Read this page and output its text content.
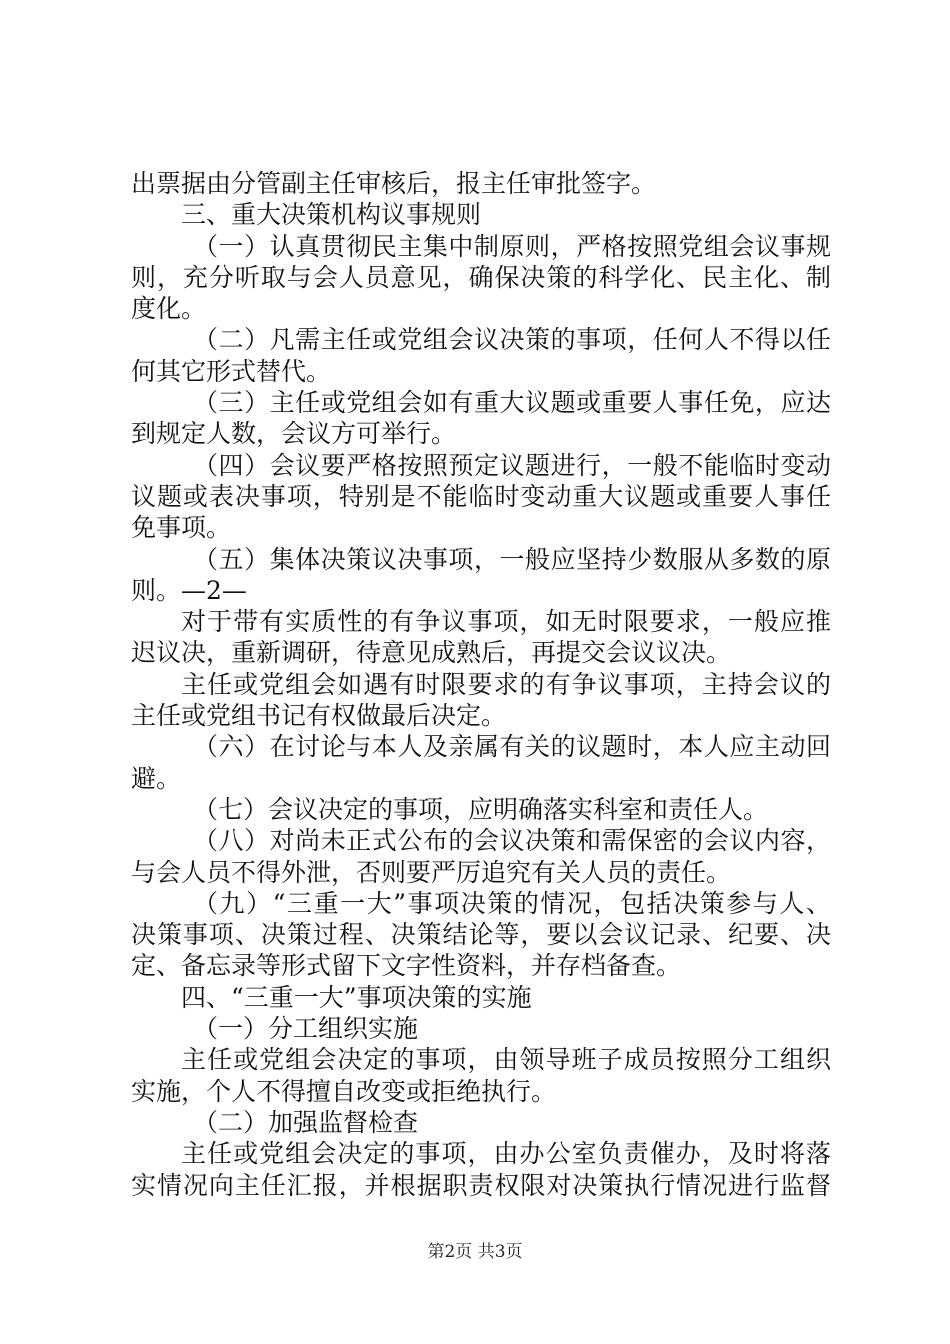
出票据由分管副主任审核后，报主任审批签字。
三、重大决策机构议事规则
（一）认真贯彻民主集中制原则，严格按照党组会议事规
则，充分听取与会人员意见，确保决策的科学化、民主化、制
度化。
（二）凡需主任或党组会议决策的事项，任何人不得以任
何其它形式替代。
（三）主任或党组会如有重大议题或重要人事任免，应达
到规定人数，会议方可举行。
（四）会议要严格按照预定议题进行，一般不能临时变动
议题或表决事项，特别是不能临时变动重大议题或重要人事任
免事项。
（五）集体决策议决事项，一般应坚持少数服从多数的原
则。—2—
对于带有实质性的有争议事项，如无时限要求，一般应推
迟议决，重新调研，待意见成熟后，再提交会议议决。
主任或党组会如遇有时限要求的有争议事项，主持会议的
主任或党组书记有权做最后决定。
（六）在讨论与本人及亲属有关的议题时，本人应主动回
避。
（七）会议决定的事项，应明确落实科室和责任人。
（八）对尚未正式公布的会议决策和需保密的会议内容，
与会人员不得外泄，否则要严厉追究有关人员的责任。
（九）“三重一大”事项决策的情况，包括决策参与人、
决策事项、决策过程、决策结论等，要以会议记录、纪要、决
定、备忘录等形式留下文字性资料，并存档备查。
四、“三重一大”事项决策的实施
（一）分工组织实施
主任或党组会决定的事项，由领导班子成员按照分工组织
实施，个人不得擅自改变或拒绝执行。
（二）加强监督检查
主任或党组会决定的事项，由办公室负责催办，及时将落
实情况向主任汇报，并根据职责权限对决策执行情况进行监督
第2页 共3页
